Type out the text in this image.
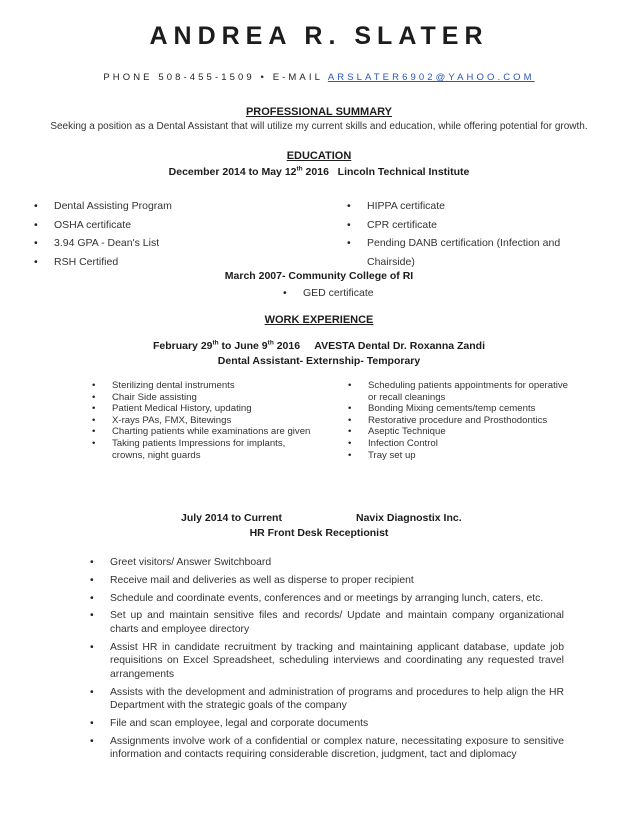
ANDREA R. SLATER
PHONE 508-455-1509 • E-MAIL ARSLATER6902@YAHOO.COM
PROFESSIONAL SUMMARY
Seeking a position as a Dental Assistant that will utilize my current skills and education, while offering potential for growth.
EDUCATION
December 2014 to May 12th 2016   Lincoln Technical Institute
• Dental Assisting Program
• OSHA certificate
• 3.94 GPA - Dean's List
• RSH Certified
• HIPPA certificate
• CPR certificate
• Pending DANB certification (Infection and Chairside)
March 2007- Community College of RI
• GED certificate
WORK EXPERIENCE
February 29th to June 9th 2016     AVESTA Dental Dr. Roxanna Zandi
Dental Assistant- Externship- Temporary
• Sterilizing dental instruments
• Chair Side assisting
• Patient Medical History, updating
• X-rays PAs, FMX, Bitewings
• Charting patients while examinations are given
• Taking patients Impressions for implants, crowns, night guards
• Scheduling patients appointments for operative or recall cleanings
• Bonding Mixing cements/temp cements
• Restorative procedure and Prosthodontics
• Aseptic Technique
• Infection Control
• Tray set up
July 2014 to Current	Navix Diagnostix Inc.
HR Front Desk Receptionist
• Greet visitors/ Answer Switchboard
• Receive mail and deliveries as well as disperse to proper recipient
• Schedule and coordinate events, conferences and or meetings by arranging lunch, caters, etc.
• Set up and maintain sensitive files and records/ Update and maintain company organizational charts and employee directory
• Assist HR in candidate recruitment by tracking and maintaining applicant database, update job requisitions on Excel Spreadsheet, scheduling interviews and coordinating any requested travel arrangements
• Assists with the development and administration of programs and procedures to help align the HR Department with the strategic goals of the company
• File and scan employee, legal and corporate documents
• Assignments involve work of a confidential or complex nature, necessitating exposure to sensitive information and contacts requiring considerable discretion, judgment, tact and diplomacy
